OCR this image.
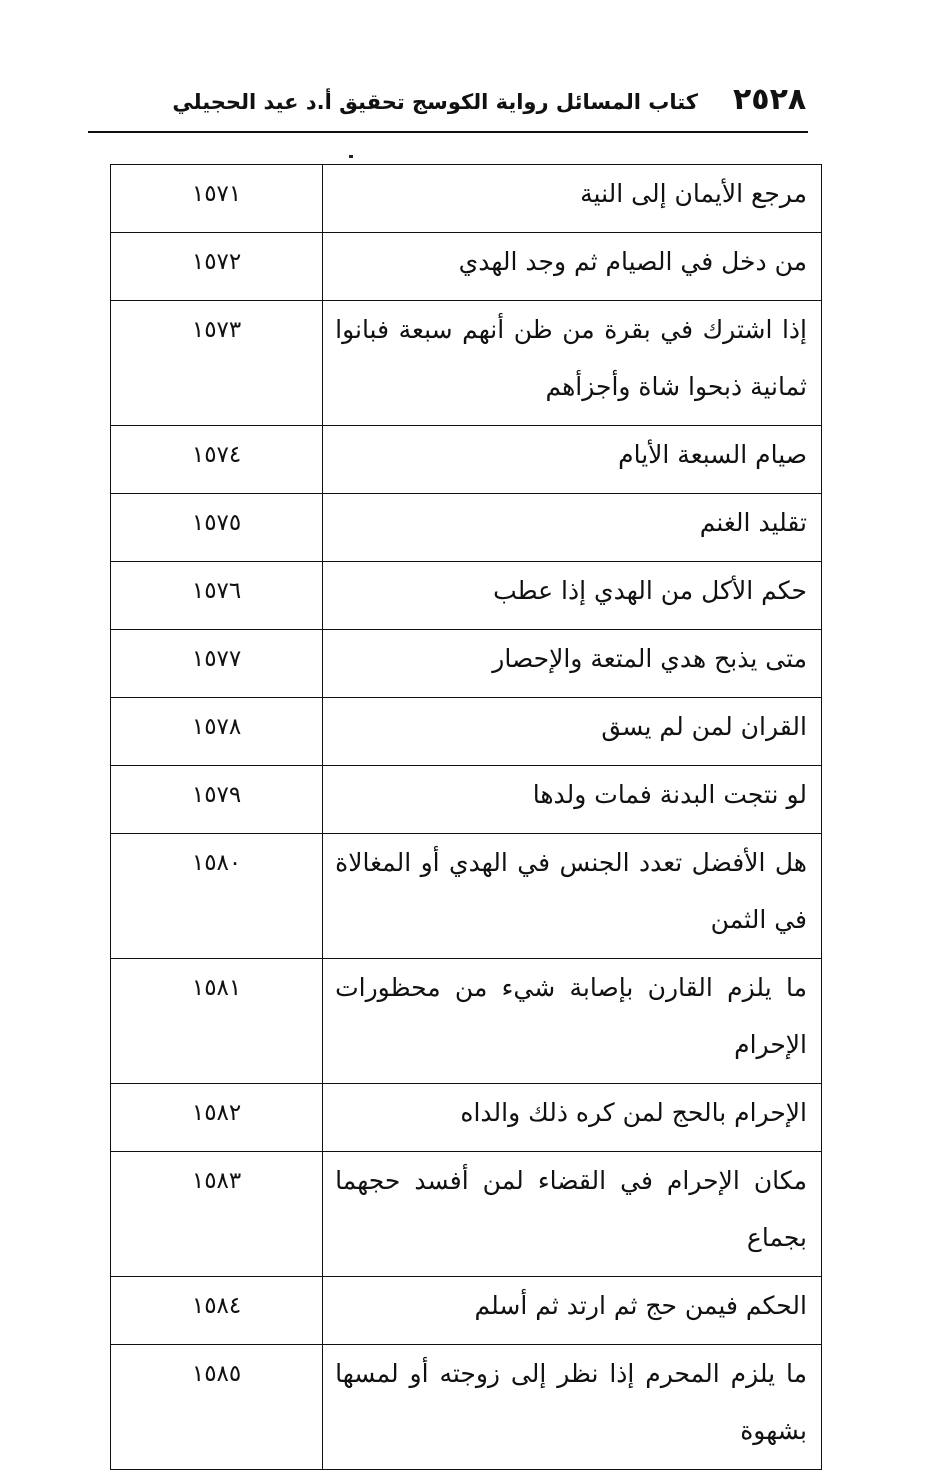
٢٥٢٨
كتاب المسائل رواية الكوسج تحقيق أ.د عيد الحجيلي
مرجع الأيمان إلى النية	١٥٧١

من دخل في الصيام ثم وجد الهدي	١٥٧٢

إذا اشترك في بقرة من ظن أنهم سبعة فبانوا ثمانية ذبحوا شاة وأجزأهم	١٥٧٣

صيام السبعة الأيام	١٥٧٤

تقليد الغنم	١٥٧٥

حكم الأكل من الهدي إذا عطب	١٥٧٦

متى يذبح هدي المتعة والإحصار	١٥٧٧

القران لمن لم يسق	١٥٧٨

لو نتجت البدنة فمات ولدها	١٥٧٩

هل الأفضل تعدد الجنس في الهدي أو المغالاة في الثمن	١٥٨٠

ما يلزم القارن بإصابة شيء من محظورات الإحرام	١٥٨١

الإحرام بالحج لمن كره ذلك والداه	١٥٨٢

مكان الإحرام في القضاء لمن أفسد حجهما بجماع	١٥٨٣

الحكم فيمن حج ثم ارتد ثم أسلم	١٥٨٤

ما يلزم المحرم إذا نظر إلى زوجته أو لمسها بشهوة	١٥٨٥
